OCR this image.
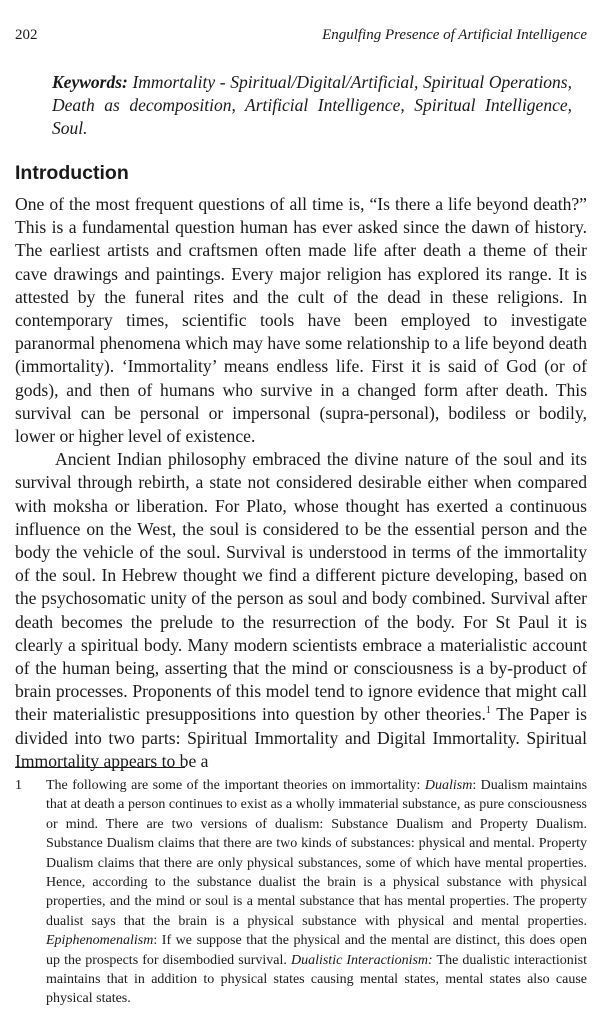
202	Engulfing Presence of Artificial Intelligence
Keywords: Immortality - Spiritual/Digital/Artificial, Spiritual Operations, Death as decomposition, Artificial Intelligence, Spiritual Intelligence, Soul.
Introduction

One of the most frequent questions of all time is, “Is there a life beyond death?” This is a fundamental question human has ever asked since the dawn of history. The earliest artists and craftsmen often made life after death a theme of their cave drawings and paintings. Every major religion has explored its range. It is attested by the funeral rites and the cult of the dead in these religions. In contemporary times, scientific tools have been employed to investigate paranormal phenomena which may have some relationship to a life beyond death (immortality). ‘Immortality’ means endless life. First it is said of God (or of gods), and then of humans who survive in a changed form after death. This survival can be personal or impersonal (supra-personal), bodiless or bodily, lower or higher level of existence.

Ancient Indian philosophy embraced the divine nature of the soul and its survival through rebirth, a state not considered desirable either when compared with moksha or liberation. For Plato, whose thought has exerted a continuous influence on the West, the soul is considered to be the essential person and the body the vehicle of the soul. Survival is understood in terms of the immortality of the soul. In Hebrew thought we find a different picture developing, based on the psychosomatic unity of the person as soul and body combined. Survival after death becomes the prelude to the resurrection of the body. For St Paul it is clearly a spiritual body. Many modern scientists embrace a materialistic account of the human being, asserting that the mind or consciousness is a by-product of brain processes. Proponents of this model tend to ignore evidence that might call their materialistic presuppositions into question by other theories.$^1$ The Paper is divided into two parts: Spiritual Immortality and Digital Immortality. Spiritual Immortality appears to be a

1 The following are some of the important theories on immortality: Dualism: Dualism maintains that at death a person continues to exist as a wholly immaterial substance, as pure consciousness or mind. There are two versions of dualism: Substance Dualism and Property Dualism. Substance Dualism claims that there are two kinds of substances: physical and mental. Property Dualism claims that there are only physical substances, some of which have mental properties. Hence, according to the substance dualist the brain is a physical substance with physical properties, and the mind or soul is a mental substance that has mental properties. The property dualist says that the brain is a physical substance with physical and mental properties. Epiphenomenalism: If we suppose that the physical and the mental are distinct, this does open up the prospects for disembodied survival. Dualistic Interactionism: The dualistic interactionist maintains that in addition to physical states causing mental states, mental states also cause physical states.
